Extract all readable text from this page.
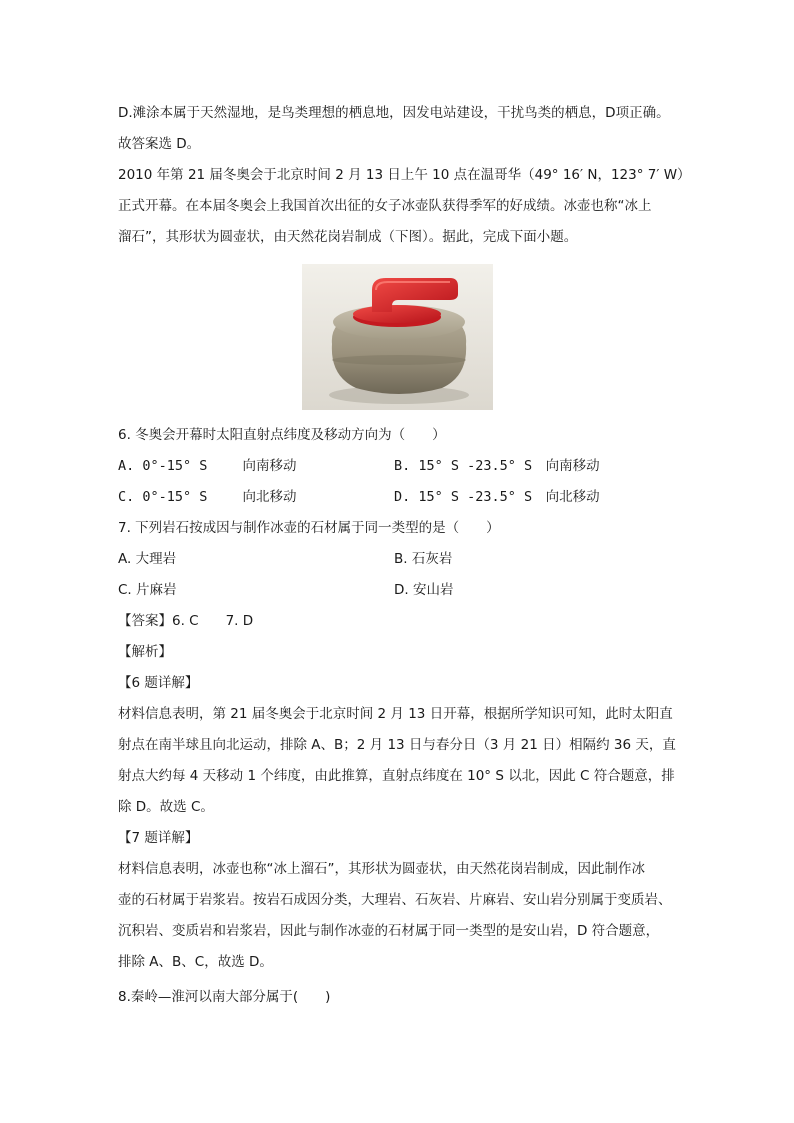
D.滩涂本属于天然湿地，是鸟类理想的栖息地，因发电站建设，干扰鸟类的栖息，D项正确。
故答案选 D。
2010 年第 21 届冬奥会于北京时间 2 月 13 日上午 10 点在温哥华（49° 16′ N，123° 7′ W）
正式开幕。在本届冬奥会上我国首次出征的女子冰壶队获得季军的好成绩。冰壶也称“冰上
溜石”，其形状为圆壶状，由天然花岗岩制成（下图）。据此，完成下面小题。
6. 冬奥会开幕时太阳直射点纬度及移动方向为（　　）
A. 0°-15° S　　 向南移动	B. 15° S -23.5° S　向南移动
C. 0°-15° S　　 向北移动	D. 15° S -23.5° S　向北移动
7. 下列岩石按成因与制作冰壶的石材属于同一类型的是（　　）
A. 大理岩	B. 石灰岩
C. 片麻岩	D. 安山岩
【答案】6. C　　7. D
【解析】
【6 题详解】
材料信息表明，第 21 届冬奥会于北京时间 2 月 13 日开幕，根据所学知识可知，此时太阳直
射点在南半球且向北运动，排除 A、B；2 月 13 日与春分日（3 月 21 日）相隔约 36 天，直
射点大约每 4 天移动 1 个纬度，由此推算，直射点纬度在 10° S 以北，因此 C 符合题意，排
除 D。故选 C。
【7 题详解】
材料信息表明，冰壶也称“冰上溜石”，其形状为圆壶状，由天然花岗岩制成，因此制作冰
壶的石材属于岩浆岩。按岩石成因分类，大理岩、石灰岩、片麻岩、安山岩分别属于变质岩、
沉积岩、变质岩和岩浆岩，因此与制作冰壶的石材属于同一类型的是安山岩，D 符合题意，
排除 A、B、C，故选 D。
8.秦岭—淮河以南大部分属于(　　)
